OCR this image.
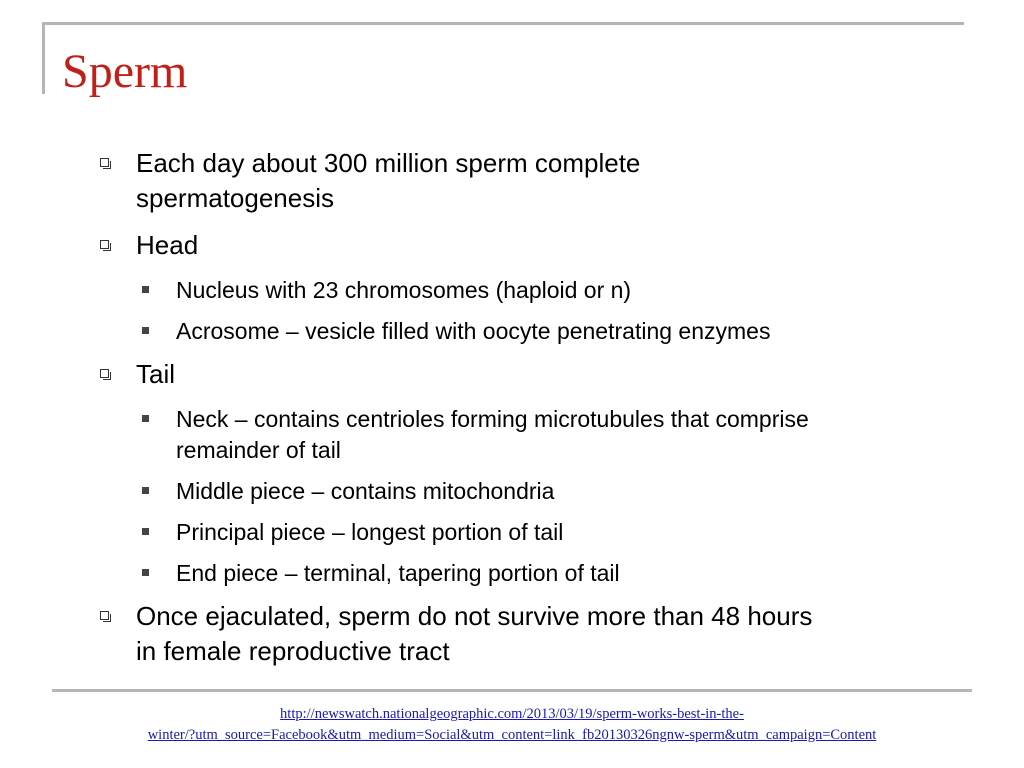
Sperm
Each day about 300 million sperm complete
spermatogenesis
Head
Nucleus with 23 chromosomes (haploid or n)
Acrosome – vesicle filled with oocyte penetrating enzymes
Tail
Neck – contains centrioles forming microtubules that comprise
remainder of tail
Middle piece – contains mitochondria
Principal piece – longest portion of tail
End piece – terminal, tapering portion of tail
Once ejaculated, sperm do not survive more than 48 hours
in female reproductive tract
http://newswatch.nationalgeographic.com/2013/03/19/sperm-works-best-in-the-
winter/?utm_source=Facebook&utm_medium=Social&utm_content=link_fb20130326ngnw-sperm&utm_campaign=Content
